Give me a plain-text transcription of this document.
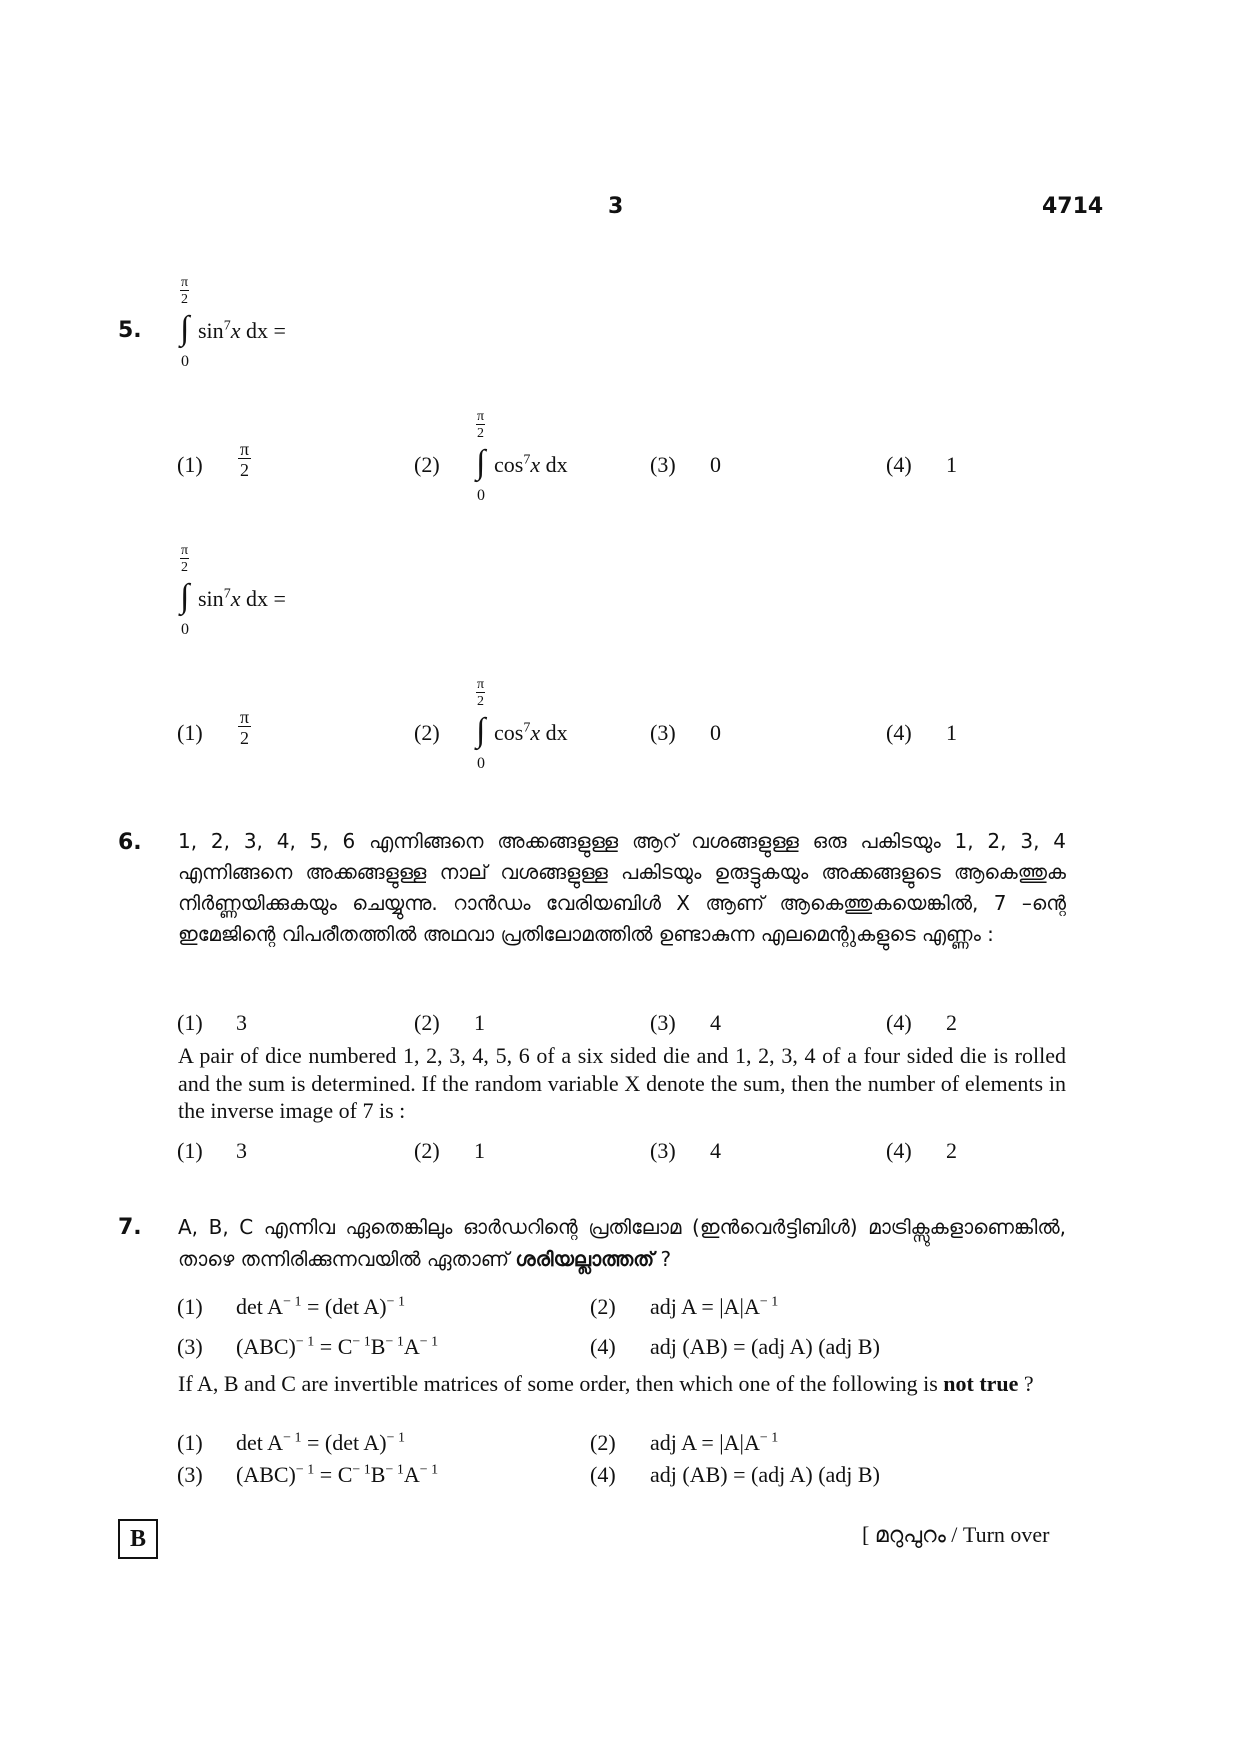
3	4714
5.
$\frac{\pi}{2}$
∫
0
$\sin^7x$ dx =
$(1) \frac{\pi}{2}$	(2)
$\frac{\pi}{2}$
∫
0
$\cos^7x$ dx	(3) 0	(4) 1
$\frac{\pi}{2}$
∫
0
$\sin^7x$ dx =
$(1) \frac{\pi}{2}$	(2)
$\frac{\pi}{2}$
∫
0
$\cos^7x$ dx	(3) 0	(4) 1
6. 1, 2, 3, 4, 5, 6 എന്നിങ്ങനെ അക്കങ്ങളുള്ള ആറ് വശങ്ങളുള്ള ഒരു പകിടയും 1, 2, 3, 4 എന്നിങ്ങനെ അക്കങ്ങളുള്ള നാല് വശങ്ങളുള്ള പകിടയും ഉരുട്ടുകയും അക്കങ്ങളുടെ ആകെത്തുക നിർണ്ണയിക്കുകയും ചെയ്യുന്നു. റാൻഡം വേരിയബിൾ X ആണ് ആകെത്തുകയെങ്കിൽ, 7 –ന്റെ ഇമേജിന്റെ വിപരീതത്തിൽ അഥവാ പ്രതിലോമത്തിൽ ഉണ്ടാകുന്ന എലമെന്റുകളുടെ എണ്ണം :
(1) 3	(2) 1	(3) 4	(4) 2
A pair of dice numbered 1, 2, 3, 4, 5, 6 of a six sided die and 1, 2, 3, 4 of a four sided die is rolled and the sum is determined. If the random variable X denote the sum, then the number of elements in the inverse image of 7 is :
(1) 3	(2) 1	(3) 4	(4) 2
7. A, B, C എന്നിവ ഏതെങ്കിലും ഓർഡറിന്റെ പ്രതിലോമ (ഇൻവെർട്ടിബിൾ) മാട്രിക്സുകളാണെങ്കിൽ, താഴെ തന്നിരിക്കുന്നവയിൽ ഏതാണ് ശരിയല്ലാത്തത് ?
(1) $\det A^{- 1} = (\det$ A)$^{- 1}$	(2) adj $A = |A|A^{- 1}$
(3) $(ABC)^{- 1} = C^{- 1}B^{- 1}A^{- 1}$	(4) adj (AB) = (adj A) (adj B)
If A, B and C are invertible matrices of some order, then which one of the following is not true ?
(1) $\det A^{- 1} = (\det$ A)$^{- 1}$	(2) adj $A = |A|A^{- 1}$
(3) $(ABC)^{- 1} = C^{- 1}B^{- 1}A^{- 1}$	(4) adj (AB) = (adj A) (adj B)
B	[ മറുപുറം / Turn over
